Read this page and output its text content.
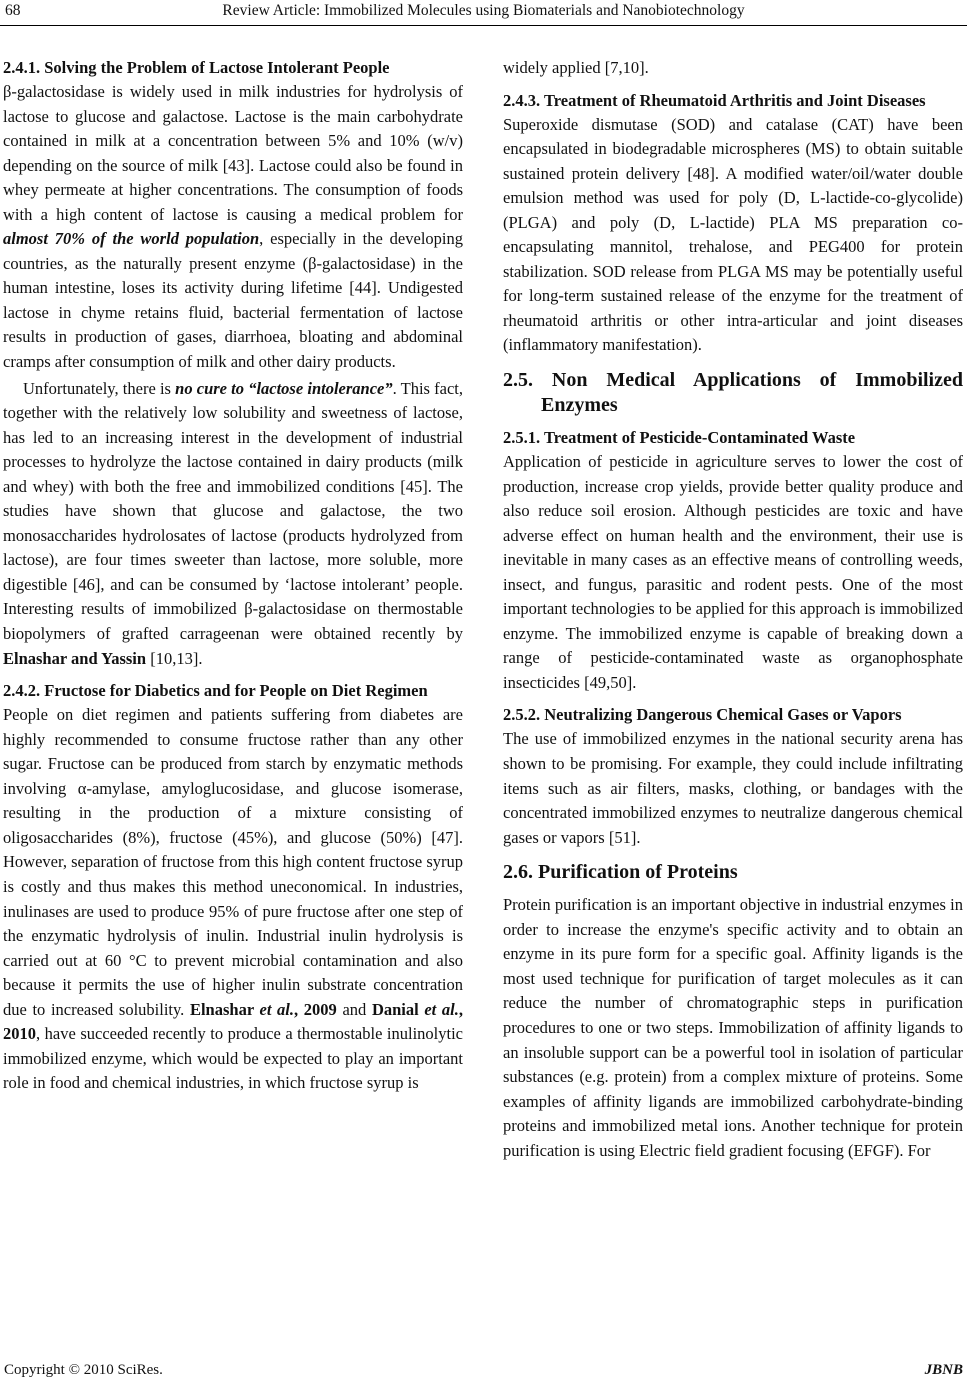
68	Review Article: Immobilized Molecules using Biomaterials and Nanobiotechnology

2.4.1. Solving the Problem of Lactose Intolerant People

β-galactosidase is widely used in milk industries for hydrolysis of lactose to glucose and galactose. Lactose is the main carbohydrate contained in milk at a concentration between 5% and 10% (w/v) depending on the source of milk [43]. Lactose could also be found in whey permeate at higher concentrations. The consumption of foods with a high content of lactose is causing a medical problem for almost 70% of the world population, especially in the developing countries, as the naturally present enzyme (β-galactosidase) in the human intestine, loses its activity during lifetime [44]. Undigested lactose in chyme retains fluid, bacterial fermentation of lactose results in production of gases, diarrhoea, bloating and abdominal cramps after consumption of milk and other dairy products.

Unfortunately, there is no cure to “lactose intolerance”. This fact, together with the relatively low solubility and sweetness of lactose, has led to an increasing interest in the development of industrial processes to hydrolyze the lactose contained in dairy products (milk and whey) with both the free and immobilized conditions [45]. The studies have shown that glucose and galactose, the two monosaccharides hydrolosates of lactose (products hydrolyzed from lactose), are four times sweeter than lactose, more soluble, more digestible [46], and can be consumed by ‘lactose intolerant’ people. Interesting results of immobilized β-galactosidase on thermostable biopolymers of grafted carrageenan were obtained recently by Elnashar and Yassin [10,13].

2.4.2. Fructose for Diabetics and for People on Diet Regimen

People on diet regimen and patients suffering from diabetes are highly recommended to consume fructose rather than any other sugar. Fructose can be produced from starch by enzymatic methods involving α-amylase, amyloglucosidase, and glucose isomerase, resulting in the production of a mixture consisting of oligosaccharides (8%), fructose (45%), and glucose (50%) [47]. However, separation of fructose from this high content fructose syrup is costly and thus makes this method uneconomical. In industries, inulinases are used to produce 95% of pure fructose after one step of the enzymatic hydrolysis of inulin. Industrial inulin hydrolysis is carried out at 60 °C to prevent microbial contamination and also because it permits the use of higher inulin substrate concentration due to increased solubility. Elnashar et al., 2009 and Danial et al., 2010, have succeeded recently to produce a thermostable inulinolytic immobilized enzyme, which would be expected to play an important role in food and chemical industries, in which fructose syrup is

widely applied [7,10].

2.4.3. Treatment of Rheumatoid Arthritis and Joint Diseases

Superoxide dismutase (SOD) and catalase (CAT) have been encapsulated in biodegradable microspheres (MS) to obtain suitable sustained protein delivery [48]. A modified water/oil/water double emulsion method was used for poly (D, L-lactide-co-glycolide) (PLGA) and poly (D, L-lactide) PLA MS preparation co-encapsulating mannitol, trehalose, and PEG400 for protein stabilization. SOD release from PLGA MS may be potentially useful for long-term sustained release of the enzyme for the treatment of rheumatoid arthritis or other intra-articular and joint diseases (inflammatory manifestation).

2.5. Non Medical Applications of Immobilized Enzymes

2.5.1. Treatment of Pesticide-Contaminated Waste

Application of pesticide in agriculture serves to lower the cost of production, increase crop yields, provide better quality produce and also reduce soil erosion. Although pesticides are toxic and have adverse effect on human health and the environment, their use is inevitable in many cases as an effective means of controlling weeds, insect, and fungus, parasitic and rodent pests. One of the most important technologies to be applied for this approach is immobilized enzyme. The immobilized enzyme is capable of breaking down a range of pesticide-contaminated waste as organophosphate insecticides [49,50].

2.5.2. Neutralizing Dangerous Chemical Gases or Vapors

The use of immobilized enzymes in the national security arena has shown to be promising. For example, they could include infiltrating items such as air filters, masks, clothing, or bandages with the concentrated immobilized enzymes to neutralize dangerous chemical gases or vapors [51].

2.6. Purification of Proteins

Protein purification is an important objective in industrial enzymes in order to increase the enzyme's specific activity and to obtain an enzyme in its pure form for a specific goal. Affinity ligands is the most used technique for purification of target molecules as it can reduce the number of chromatographic steps in purification procedures to one or two steps. Immobilization of affinity ligands to an insoluble support can be a powerful tool in isolation of particular substances (e.g. protein) from a complex mixture of proteins. Some examples of affinity ligands are immobilized carbohydrate-binding proteins and immobilized metal ions. Another technique for protein purification is using Electric field gradient focusing (EFGF). For

Copyright © 2010 SciRes.	JBNB
